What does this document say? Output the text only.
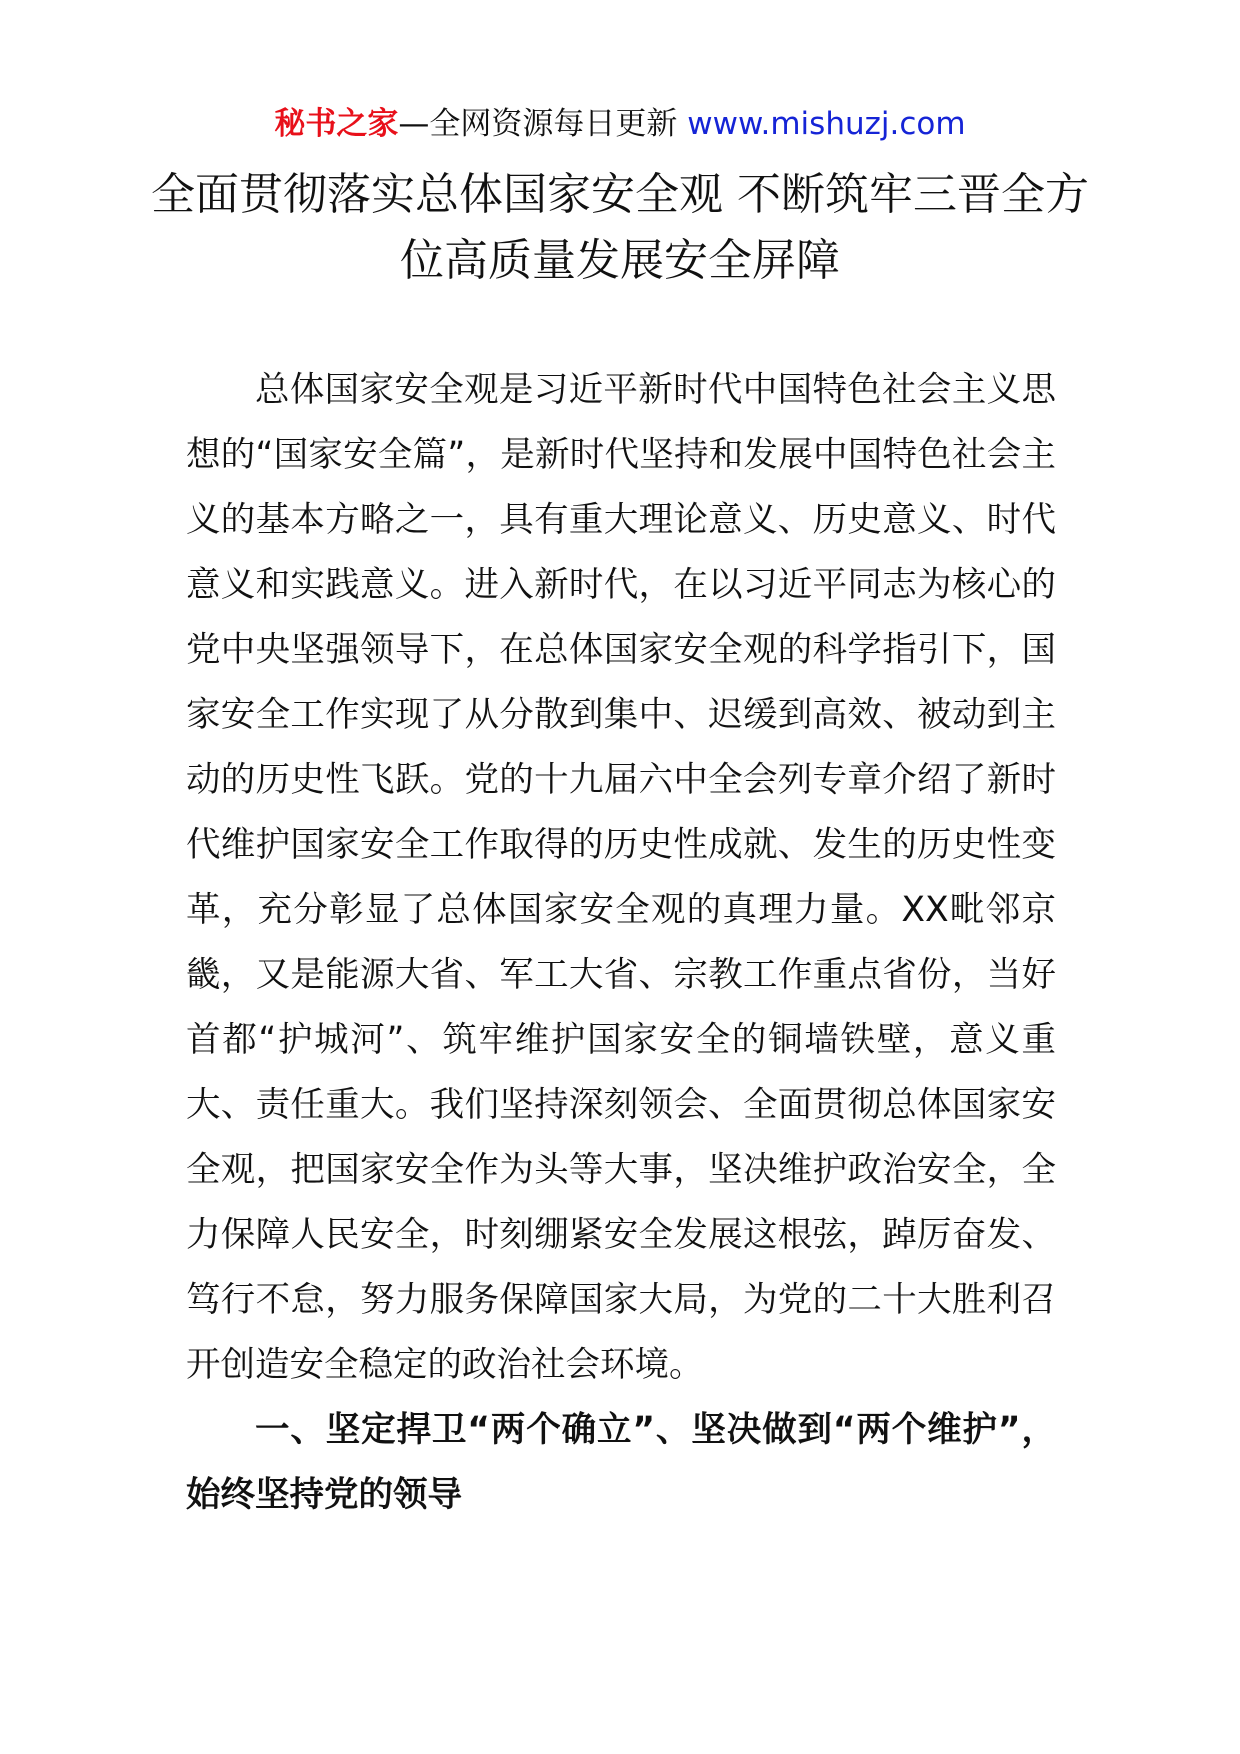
秘书之家—全网资源每日更新 www.mishuzj.com
全面贯彻落实总体国家安全观 不断筑牢三晋全方位高质量发展安全屏障

总体国家安全观是习近平新时代中国特色社会主义思想的“国家安全篇”，是新时代坚持和发展中国特色社会主义的基本方略之一，具有重大理论意义、历史意义、时代意义和实践意义。进入新时代，在以习近平同志为核心的党中央坚强领导下，在总体国家安全观的科学指引下，国家安全工作实现了从分散到集中、迟缓到高效、被动到主动的历史性飞跃。党的十九届六中全会列专章介绍了新时代维护国家安全工作取得的历史性成就、发生的历史性变革，充分彰显了总体国家安全观的真理力量。XX毗邻京畿，又是能源大省、军工大省、宗教工作重点省份，当好首都“护城河”、筑牢维护国家安全的铜墙铁壁，意义重大、责任重大。我们坚持深刻领会、全面贯彻总体国家安全观，把国家安全作为头等大事，坚决维护政治安全，全力保障人民安全，时刻绷紧安全发展这根弦，踔厉奋发、笃行不怠，努力服务保障国家大局，为党的二十大胜利召开创造安全稳定的政治社会环境。

一、坚定捍卫“两个确立”、坚决做到“两个维护”，始终坚持党的领导
